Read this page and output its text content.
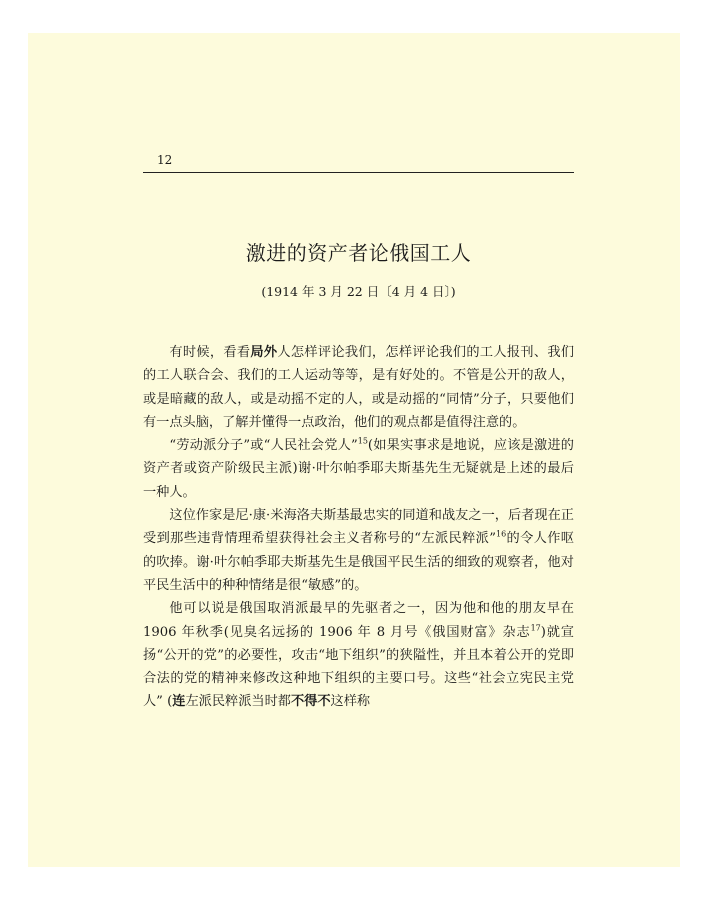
12
激进的资产者论俄国工人
(1914 年 3 月 22 日〔4 月 4 日〕)

有时候，看看局外人怎样评论我们，怎样评论我们的工人报刊、我们的工人联合会、我们的工人运动等等，是有好处的。不管是公开的敌人，或是暗藏的敌人，或是动摇不定的人，或是动摇的“同情”分子，只要他们有一点头脑，了解并懂得一点政治，他们的观点都是值得注意的。

“劳动派分子”或“人民社会党人”$^{15}$(如果实事求是地说，应该是激进的资产者或资产阶级民主派)谢·叶尔帕季耶夫斯基先生无疑就是上述的最后一种人。

这位作家是尼·康·米海洛夫斯基最忠实的同道和战友之一，后者现在正受到那些违背情理希望获得社会主义者称号的“左派民粹派”$^{16}$的令人作呕的吹捧。谢·叶尔帕季耶夫斯基先生是俄国平民生活的细致的观察者，他对平民生活中的种种情绪是很“敏感”的。

他可以说是俄国取消派最早的先驱者之一，因为他和他的朋友早在 1906 年秋季(见臭名远扬的 1906 年 8 月号《俄国财富》杂志$^{17}$)就宣扬“公开的党”的必要性，攻击“地下组织”的狭隘性，并且本着公开的党即合法的党的精神来修改这种地下组织的主要口号。这些“社会立宪民主党人” (连左派民粹派当时都不得不这样称
